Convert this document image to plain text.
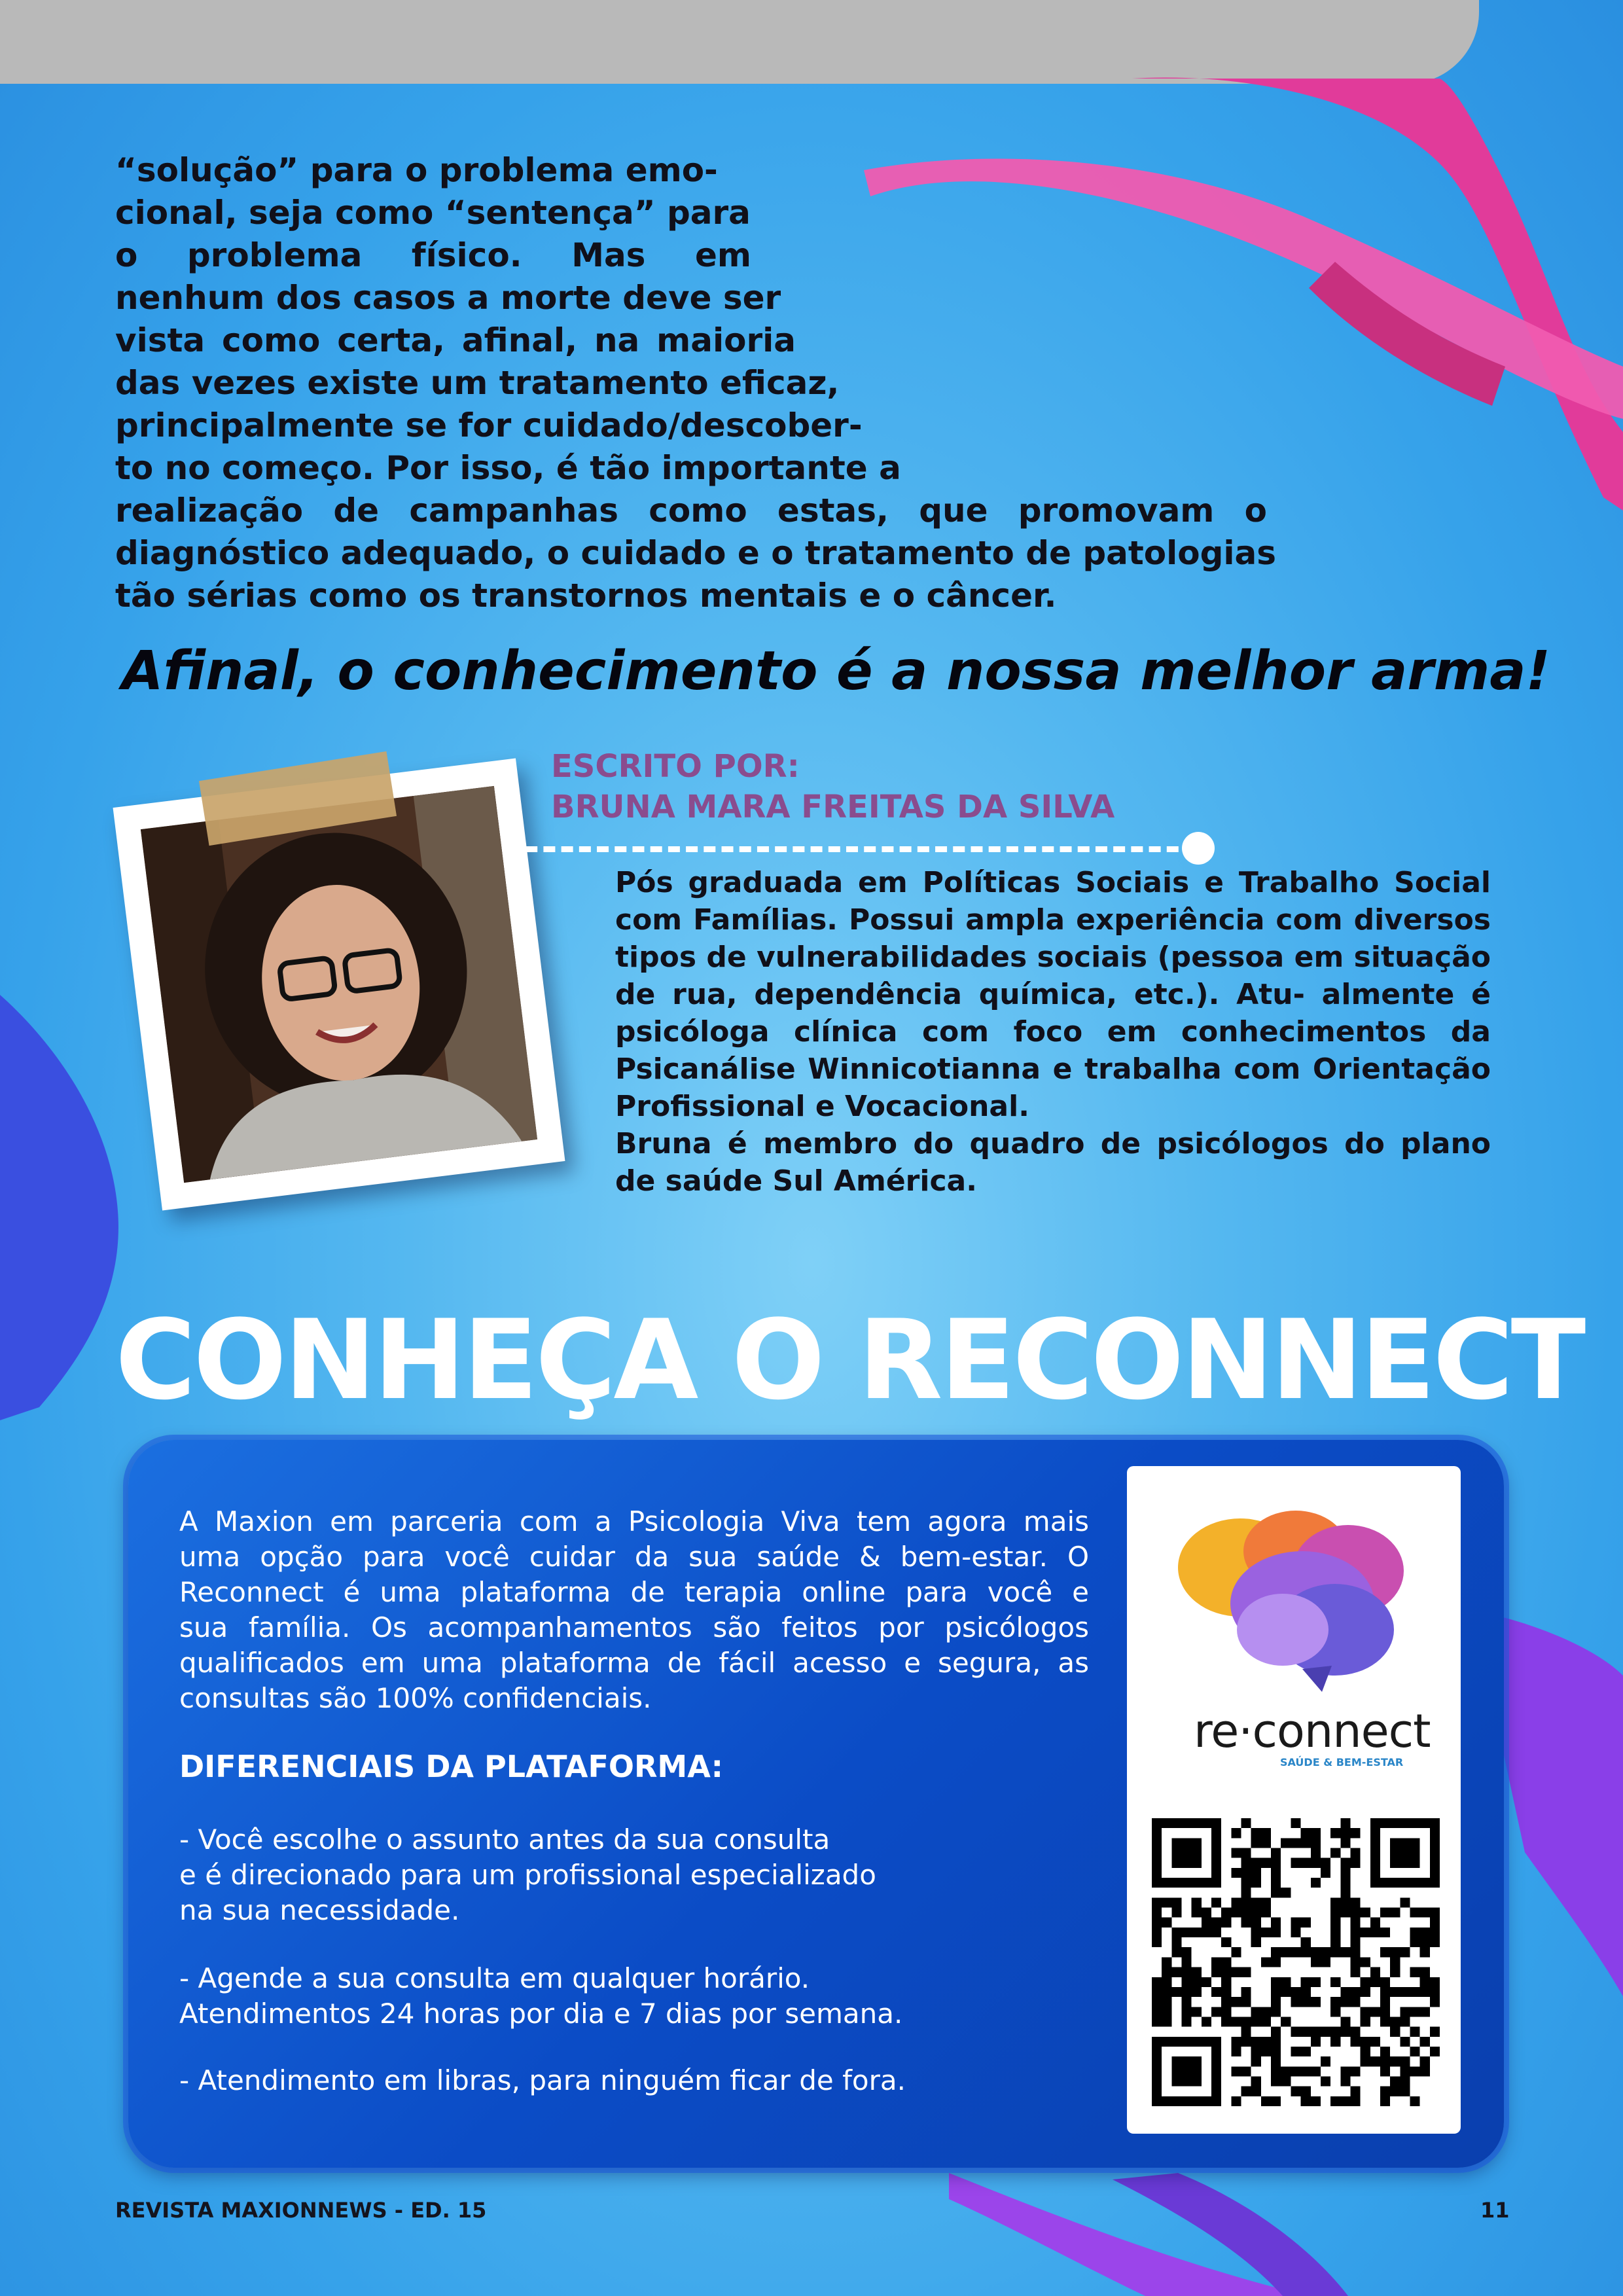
“solução” para o problema emo-
cional, seja como “sentença” para
o problema físico. Mas em
nenhum dos casos a morte deve ser
vista como certa, afinal, na maioria
das vezes existe um tratamento eficaz,
principalmente se for cuidado/descober-
to no começo. Por isso, é tão importante a
realização de campanhas como estas, que promovam o
diagnóstico adequado, o cuidado e o tratamento de patologias
tão sérias como os transtornos mentais e o câncer.

Afinal, o conhecimento é a nossa melhor arma!

ESCRITO POR:
BRUNA MARA FREITAS DA SILVA

Pós graduada em Políticas Sociais e Trabalho Social
com Famílias. Possui ampla experiência com diversos
tipos de vulnerabilidades sociais (pessoa em situação
de rua, dependência química, etc.). Atu- almente é
psicóloga clínica com foco em conhecimentos da
Psicanálise Winnicotianna e trabalha com Orientação
Profissional e Vocacional.
Bruna é membro do quadro de psicólogos do plano
de saúde Sul América.

CONHEÇA O RECONNECT

A Maxion em parceria com a Psicologia Viva tem agora mais
uma opção para você cuidar da sua saúde & bem-estar. O
Reconnect é uma plataforma de terapia online para você e
sua família. Os acompanhamentos são feitos por psicólogos
qualificados em uma plataforma de fácil acesso e segura, as
consultas são 100% confidenciais.

DIFERENCIAIS DA PLATAFORMA:

- Você escolhe o assunto antes da sua consulta
e é direcionado para um profissional especializado
na sua necessidade.
- Agende a sua consulta em qualquer horário.
Atendimentos 24 horas por dia e 7 dias por semana.
- Atendimento em libras, para ninguém ficar de fora.

re·connect

SAÚDE & BEM-ESTAR

REVISTA MAXIONNEWS - ED. 15	11
